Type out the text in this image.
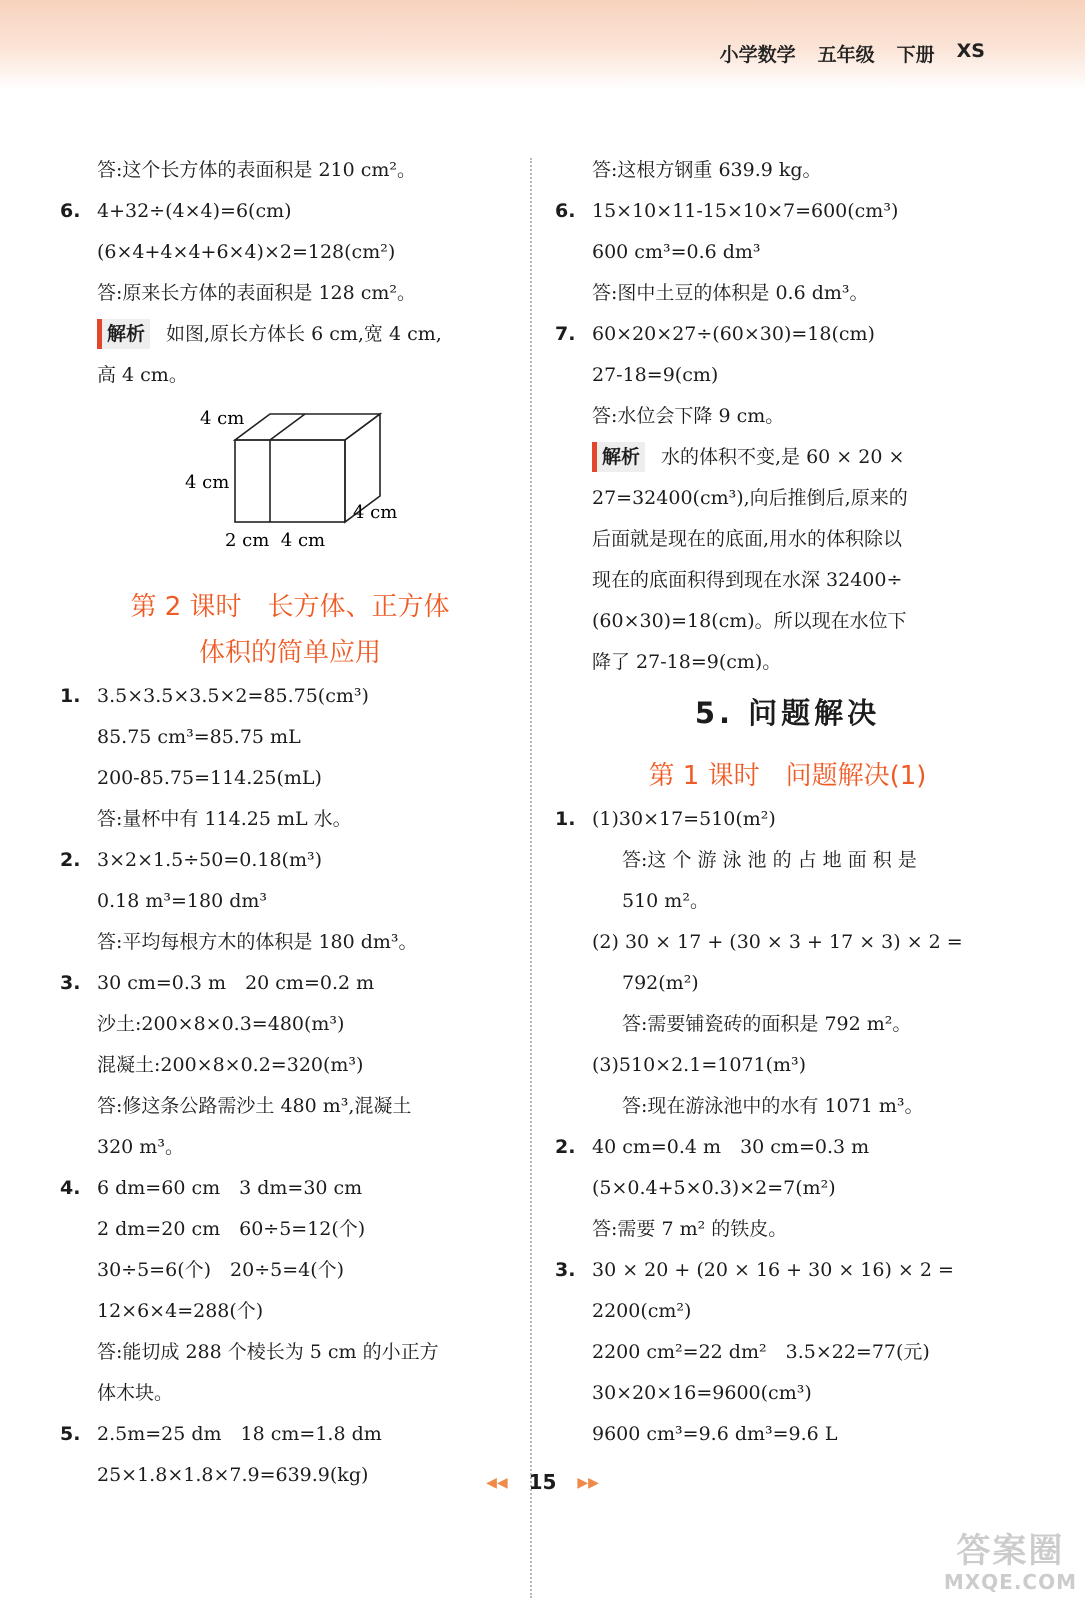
小学数学 五年级 下册 XS
答:这个长方体的表面积是 210 cm²。
6. 4+32÷(4×4)=6(cm)
(6×4+4×4+6×4)×2=128(cm²)
答:原来长方体的表面积是 128 cm²。
解析 如图,原长方体长 6 cm,宽 4 cm,
高 4 cm。
4 cm
4 cm
4 cm
2 cm  4 cm
第 2 课时　长方体、正方体
体积的简单应用
1. 3.5×3.5×3.5×2=85.75(cm³)
85.75 cm³=85.75 mL
200-85.75=114.25(mL)
答:量杯中有 114.25 mL 水。
2. 3×2×1.5÷50=0.18(m³)
0.18 m³=180 dm³
答:平均每根方木的体积是 180 dm³。
3. 30 cm=0.3 m　20 cm=0.2 m
沙土:200×8×0.3=480(m³)
混凝土:200×8×0.2=320(m³)
答:修这条公路需沙土 480 m³,混凝土
320 m³。
4. 6 dm=60 cm　3 dm=30 cm
2 dm=20 cm　60÷5=12(个)
30÷5=6(个)　20÷5=4(个)
12×6×4=288(个)
答:能切成 288 个棱长为 5 cm 的小正方
体木块。
5. 2.5m=25 dm　18 cm=1.8 dm
25×1.8×1.8×7.9=639.9(kg)
答:这根方钢重 639.9 kg。
6. 15×10×11-15×10×7=600(cm³)
600 cm³=0.6 dm³
答:图中土豆的体积是 0.6 dm³。
7. 60×20×27÷(60×30)=18(cm)
27-18=9(cm)
答:水位会下降 9 cm。
解析 水的体积不变,是 60 × 20 ×
27=32400(cm³),向后推倒后,原来的
后面就是现在的底面,用水的体积除以
现在的底面积得到现在水深 32400÷
(60×30)=18(cm)。所以现在水位下
降了 27-18=9(cm)。
5. 问题解决
第 1 课时　问题解决(1)
1. (1)30×17=510(m²)
答:这 个 游 泳 池 的 占 地 面 积 是
510 m²。
(2) 30 × 17 + (30 × 3 + 17 × 3) × 2 =
792(m²)
答:需要铺瓷砖的面积是 792 m²。
(3)510×2.1=1071(m³)
答:现在游泳池中的水有 1071 m³。
2. 40 cm=0.4 m　30 cm=0.3 m
(5×0.4+5×0.3)×2=7(m²)
答:需要 7 m² 的铁皮。
3. 30 × 20 + (20 × 16 + 30 × 16) × 2 =
2200(cm²)
2200 cm²=22 dm²　3.5×22=77(元)
30×20×16=9600(cm³)
9600 cm³=9.6 dm³=9.6 L
◀◀ 15 ▶▶
答案圈
MXQE.COM
